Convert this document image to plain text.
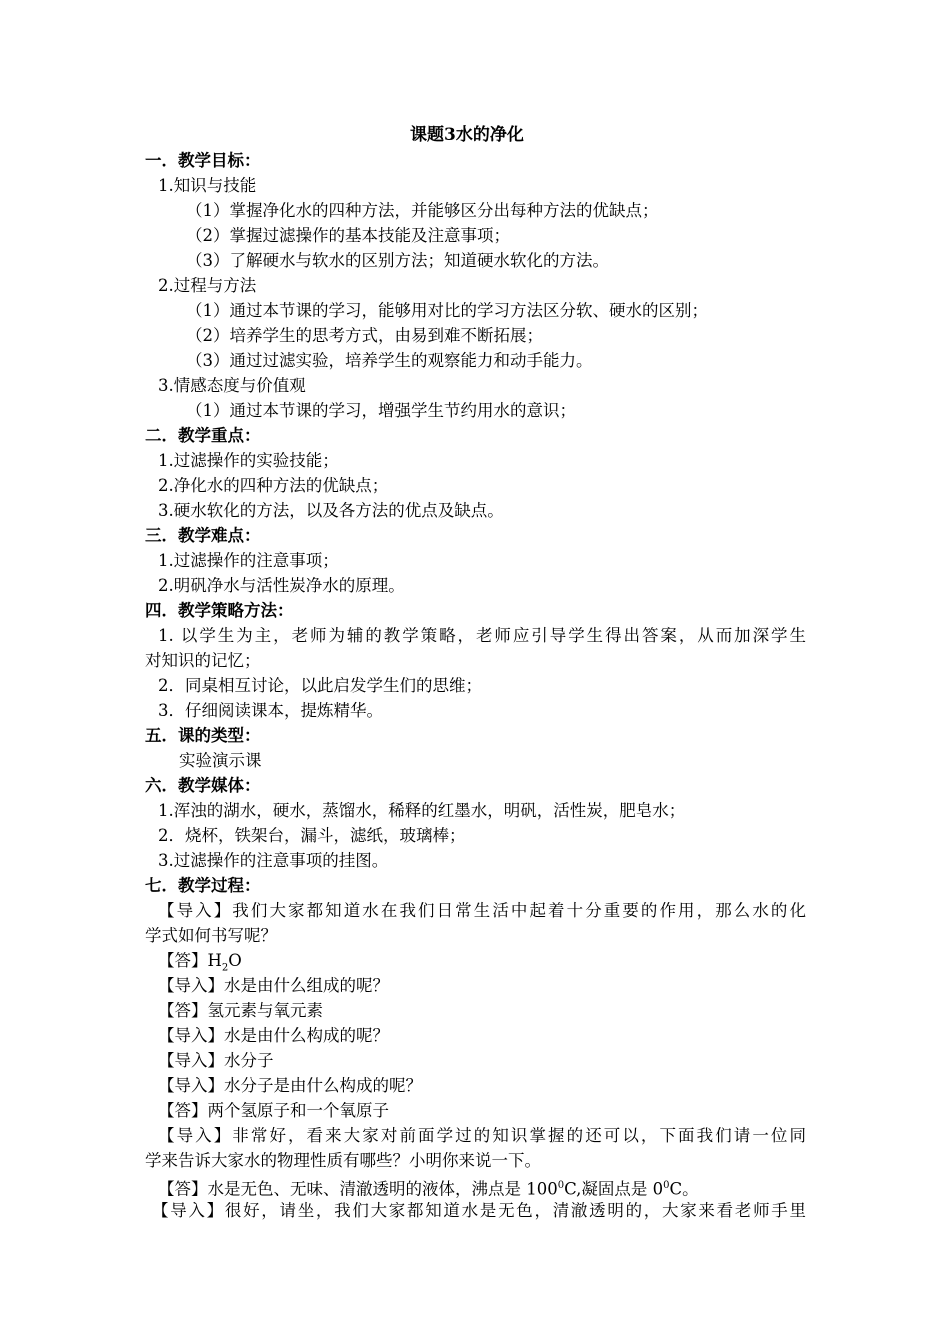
课题3水的净化
一．教学目标：
1.知识与技能
（1）掌握净化水的四种方法，并能够区分出每种方法的优缺点；
（2）掌握过滤操作的基本技能及注意事项；
（3）了解硬水与软水的区别方法；知道硬水软化的方法。
2.过程与方法
（1）通过本节课的学习，能够用对比的学习方法区分软、硬水的区别；
（2）培养学生的思考方式，由易到难不断拓展；
（3）通过过滤实验，培养学生的观察能力和动手能力。
3.情感态度与价值观
（1）通过本节课的学习，增强学生节约用水的意识；
二．教学重点：
1.过滤操作的实验技能；
2.净化水的四种方法的优缺点；
3.硬水软化的方法，以及各方法的优点及缺点。
三．教学难点：
1.过滤操作的注意事项；
2.明矾净水与活性炭净水的原理。
四．教学策略方法：
1. 以学生为主，老师为辅的教学策略，老师应引导学生得出答案，从而加深学生
对知识的记忆；
2．同桌相互讨论，以此启发学生们的思维；
3．仔细阅读课本，提炼精华。
五．课的类型：
实验演示课
六．教学媒体：
1.浑浊的湖水，硬水，蒸馏水，稀释的红墨水，明矾，活性炭，肥皂水；
2．烧杯，铁架台，漏斗，滤纸，玻璃棒；
3.过滤操作的注意事项的挂图。
七．教学过程：
【导入】我们大家都知道水在我们日常生活中起着十分重要的作用，那么水的化
学式如何书写呢？
【答】$H_2O$
【导入】水是由什么组成的呢？
【答】氢元素与氧元素
【导入】水是由什么构成的呢？
【导入】水分子
【导入】水分子是由什么构成的呢？
【答】两个氢原子和一个氧原子
【导入】非常好，看来大家对前面学过的知识掌握的还可以，下面我们请一位同
学来告诉大家水的物理性质有哪些？小明你来说一下。
【答】水是无色、无味、清澈透明的液体，沸点是 $100^0C$,凝固点是 $0^0C$。
【导入】很好，请坐，我们大家都知道水是无色，清澈透明的，大家来看老师手里
